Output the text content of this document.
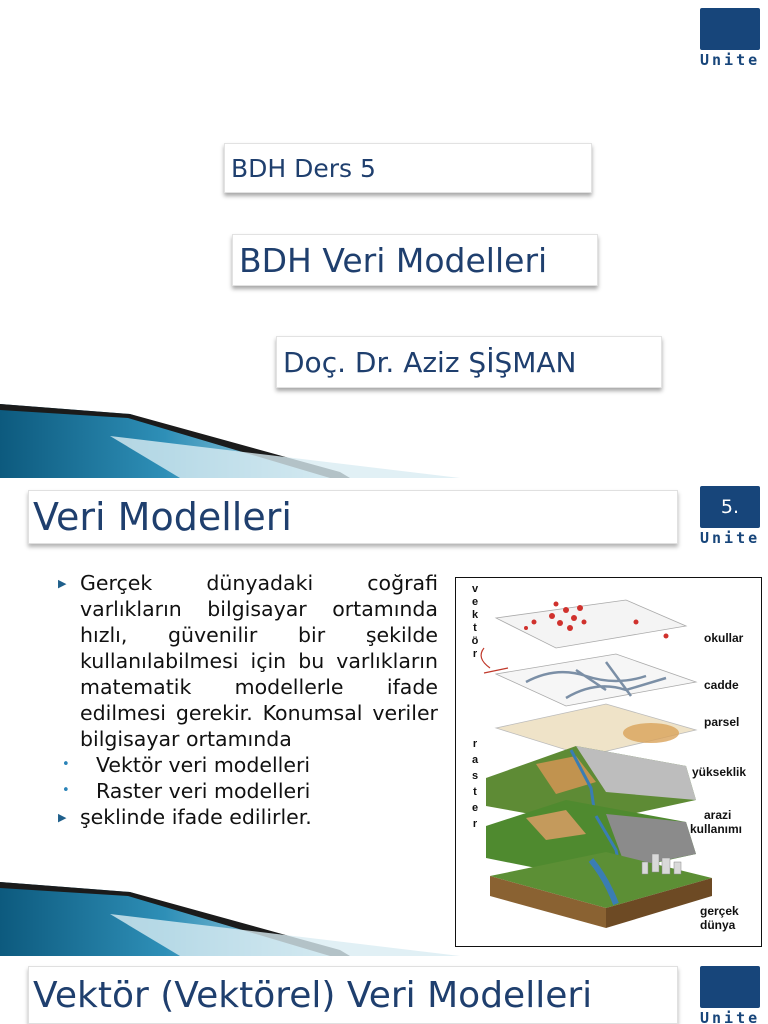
Unite
BDH Ders 5
BDH Veri Modelleri
Doç. Dr. Aziz ŞİŞMAN
Veri Modelleri	5.
Unite
▶ Gerçek dünyadaki coğrafi varlıkların bilgisayar ortamında hızlı, güvenilir bir şekilde kullanılabilmesi için bu varlıkların matematik modellerle ifade edilmesi gerekir. Konumsal veriler bilgisayar ortamında
• Vektör veri modelleri
• Raster veri modelleri
▶ şeklinde ifade edilirler.
v
e
k
t
ö
r
r
a
s
t
e
r
okullar
cadde
parsel
yükseklik
arazi
kullanımı
gerçek
dünya
Vektör (Vektörel) Veri Modelleri
Unite
